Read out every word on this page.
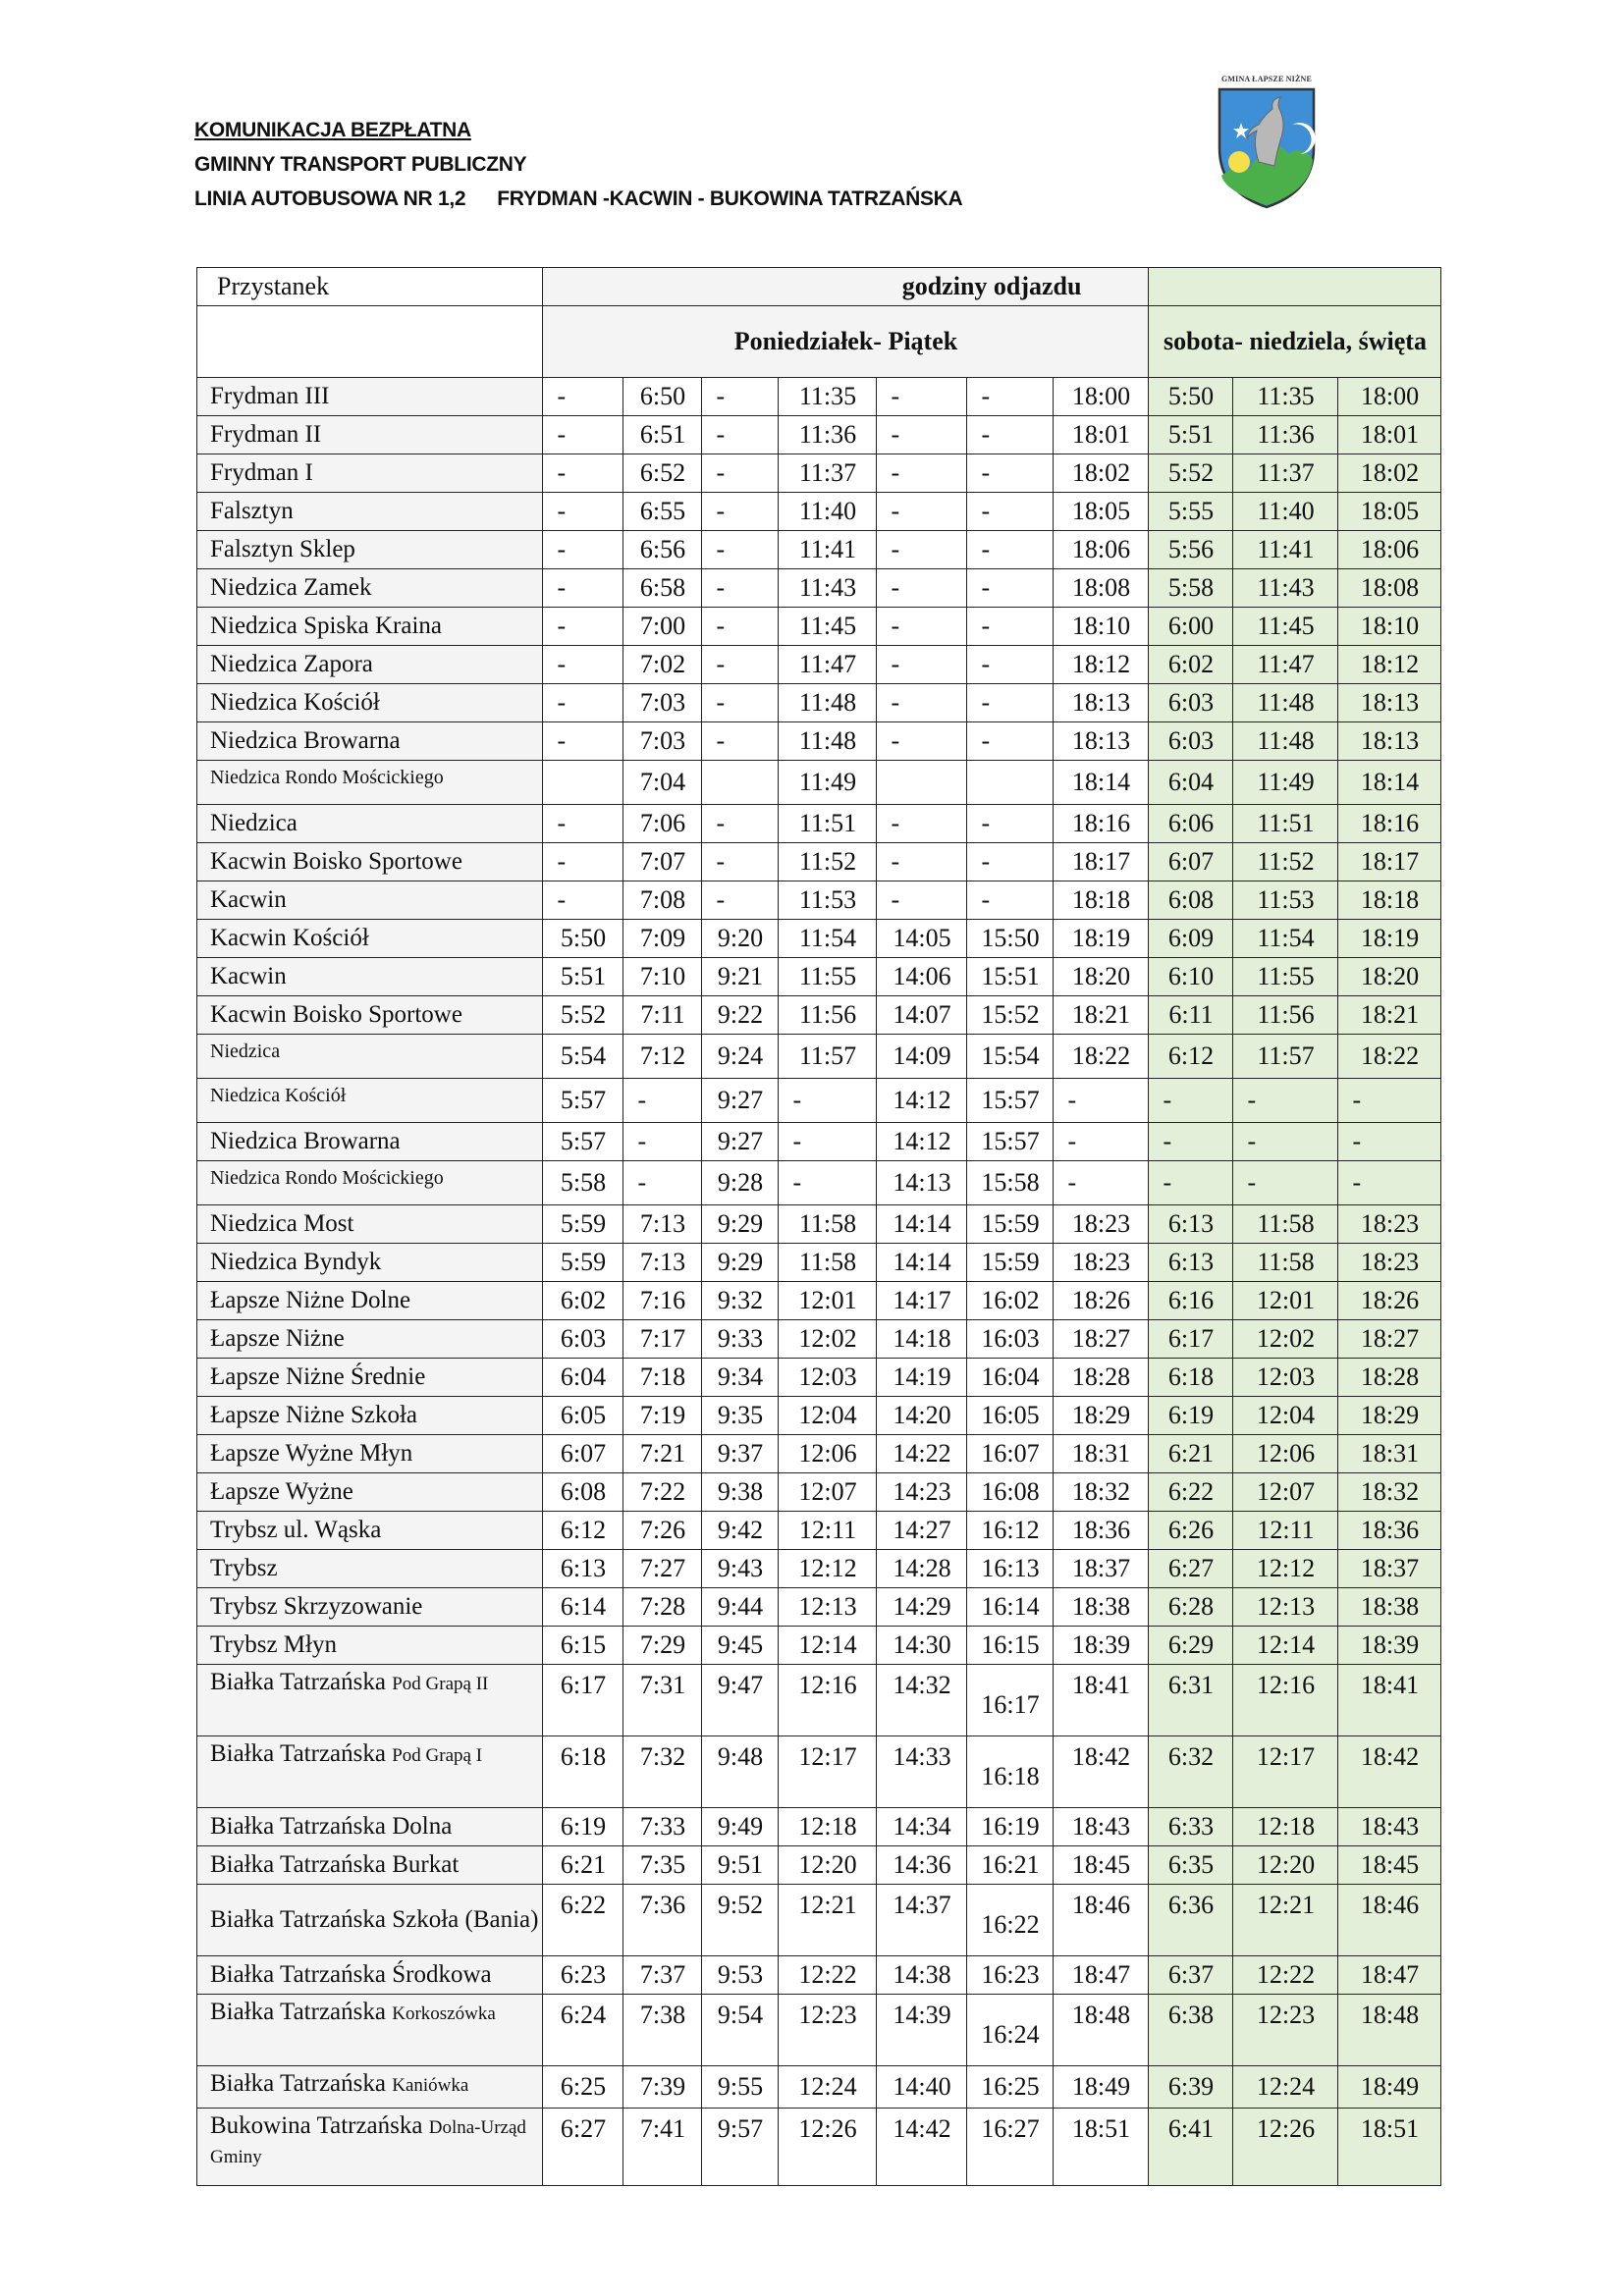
KOMUNIKACJA BEZPŁATNA
GMINNY TRANSPORT PUBLICZNY
LINIA AUTOBUSOWA NR 1,2 FRYDMAN -KACWIN - BUKOWINA TATRZAŃSKA
GMINA ŁAPSZE NIŻNE
Przystanek	godziny odjazdu									
	Poniedziałek- Piątek							sobota- niedziela, święta		
Frydman III	-	6:50	-	11:35	-	-	18:00	5:50	11:35	18:00
Frydman II	-	6:51	-	11:36	-	-	18:01	5:51	11:36	18:01
Frydman I	-	6:52	-	11:37	-	-	18:02	5:52	11:37	18:02
Falsztyn	-	6:55	-	11:40	-	-	18:05	5:55	11:40	18:05
Falsztyn Sklep	-	6:56	-	11:41	-	-	18:06	5:56	11:41	18:06
Niedzica Zamek	-	6:58	-	11:43	-	-	18:08	5:58	11:43	18:08
Niedzica Spiska Kraina	-	7:00	-	11:45	-	-	18:10	6:00	11:45	18:10
Niedzica Zapora	-	7:02	-	11:47	-	-	18:12	6:02	11:47	18:12
Niedzica Kościół	-	7:03	-	11:48	-	-	18:13	6:03	11:48	18:13
Niedzica Browarna	-	7:03	-	11:48	-	-	18:13	6:03	11:48	18:13
Niedzica Rondo Mościckiego		7:04		11:49			18:14	6:04	11:49	18:14
Niedzica	-	7:06	-	11:51	-	-	18:16	6:06	11:51	18:16
Kacwin Boisko Sportowe	-	7:07	-	11:52	-	-	18:17	6:07	11:52	18:17
Kacwin	-	7:08	-	11:53	-	-	18:18	6:08	11:53	18:18
Kacwin Kościół	5:50	7:09	9:20	11:54	14:05	15:50	18:19	6:09	11:54	18:19
Kacwin	5:51	7:10	9:21	11:55	14:06	15:51	18:20	6:10	11:55	18:20
Kacwin Boisko Sportowe	5:52	7:11	9:22	11:56	14:07	15:52	18:21	6:11	11:56	18:21
Niedzica	5:54	7:12	9:24	11:57	14:09	15:54	18:22	6:12	11:57	18:22
Niedzica Kościół	5:57	-	9:27	-	14:12	15:57	-	-	-	-
Niedzica Browarna	5:57	-	9:27	-	14:12	15:57	-	-	-	-
Niedzica Rondo Mościckiego	5:58	-	9:28	-	14:13	15:58	-	-	-	-
Niedzica Most	5:59	7:13	9:29	11:58	14:14	15:59	18:23	6:13	11:58	18:23
Niedzica Byndyk	5:59	7:13	9:29	11:58	14:14	15:59	18:23	6:13	11:58	18:23
Łapsze Niżne Dolne	6:02	7:16	9:32	12:01	14:17	16:02	18:26	6:16	12:01	18:26
Łapsze Niżne	6:03	7:17	9:33	12:02	14:18	16:03	18:27	6:17	12:02	18:27
Łapsze Niżne Średnie	6:04	7:18	9:34	12:03	14:19	16:04	18:28	6:18	12:03	18:28
Łapsze Niżne Szkoła	6:05	7:19	9:35	12:04	14:20	16:05	18:29	6:19	12:04	18:29
Łapsze Wyżne Młyn	6:07	7:21	9:37	12:06	14:22	16:07	18:31	6:21	12:06	18:31
Łapsze Wyżne	6:08	7:22	9:38	12:07	14:23	16:08	18:32	6:22	12:07	18:32
Trybsz ul. Wąska	6:12	7:26	9:42	12:11	14:27	16:12	18:36	6:26	12:11	18:36
Trybsz	6:13	7:27	9:43	12:12	14:28	16:13	18:37	6:27	12:12	18:37
Trybsz Skrzyzowanie	6:14	7:28	9:44	12:13	14:29	16:14	18:38	6:28	12:13	18:38
Trybsz Młyn	6:15	7:29	9:45	12:14	14:30	16:15	18:39	6:29	12:14	18:39
Białka Tatrzańska Pod Grapą II	6:17	7:31	9:47	12:16	14:32	16:17	18:41	6:31	12:16	18:41
Białka Tatrzańska Pod Grapą I	6:18	7:32	9:48	12:17	14:33	16:18	18:42	6:32	12:17	18:42
Białka Tatrzańska Dolna	6:19	7:33	9:49	12:18	14:34	16:19	18:43	6:33	12:18	18:43
Białka Tatrzańska Burkat	6:21	7:35	9:51	12:20	14:36	16:21	18:45	6:35	12:20	18:45
Białka Tatrzańska Szkoła (Bania)	6:22	7:36	9:52	12:21	14:37	16:22	18:46	6:36	12:21	18:46
Białka Tatrzańska Środkowa	6:23	7:37	9:53	12:22	14:38	16:23	18:47	6:37	12:22	18:47
Białka Tatrzańska Korkoszówka	6:24	7:38	9:54	12:23	14:39	16:24	18:48	6:38	12:23	18:48
Białka Tatrzańska Kaniówka	6:25	7:39	9:55	12:24	14:40	16:25	18:49	6:39	12:24	18:49
Bukowina Tatrzańska Dolna-Urząd Gminy	6:27	7:41	9:57	12:26	14:42	16:27	18:51	6:41	12:26	18:51
